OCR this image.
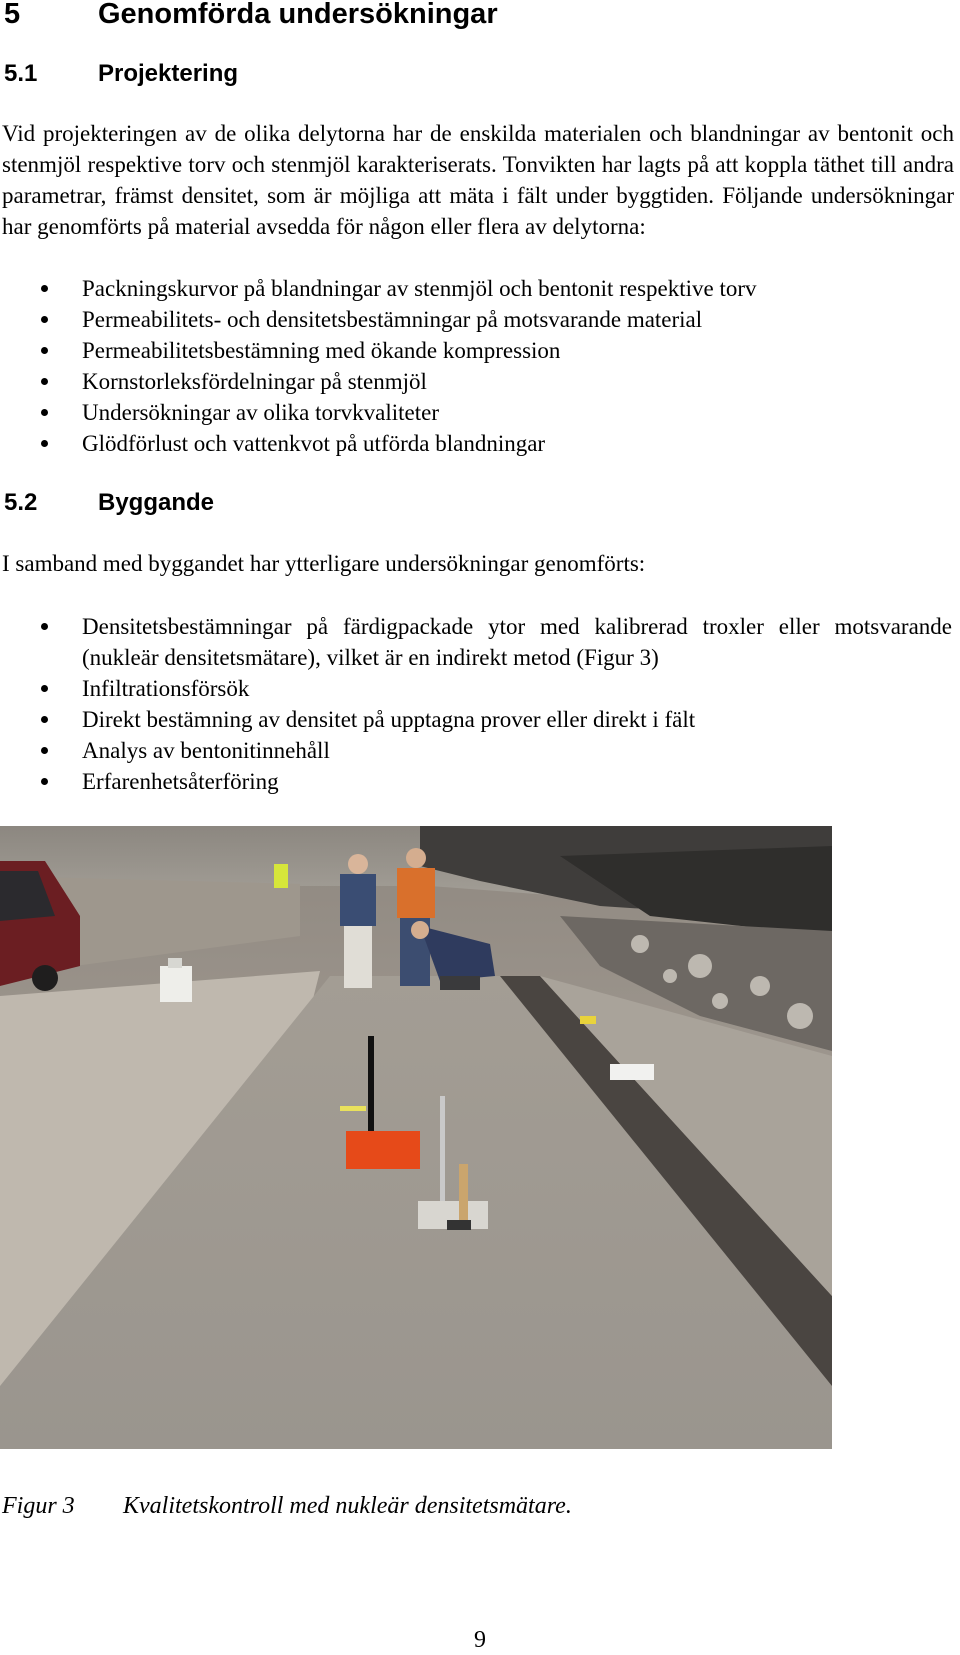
5	Genomförda undersökningar
5.1	Projektering

Vid projekteringen av de olika delytorna har de enskilda materialen och blandningar av bentonit och stenmjöl respektive torv och stenmjöl karakteriserats. Tonvikten har lagts på att koppla täthet till andra parametrar, främst densitet, som är möjliga att mäta i fält under byggtiden. Följande undersökningar har genomförts på material avsedda för någon eller flera av delytorna:

Packningskurvor på blandningar av stenmjöl och bentonit respektive torv
Permeabilitets- och densitetsbestämningar på motsvarande material
Permeabilitetsbestämning med ökande kompression
Kornstorleksfördelningar på stenmjöl
Undersökningar av olika torvkvaliteter
Glödförlust och vattenkvot på utförda blandningar
5.2	Byggande

I samband med byggandet har ytterligare undersökningar genomförts:

Densitetsbestämningar på färdigpackade ytor med kalibrerad troxler eller motsvarande (nukleär densitetsmätare), vilket är en indirekt metod (Figur 3)
Infiltrationsförsök
Direkt bestämning av densitet på upptagna prover eller direkt i fält
Analys av bentonitinnehåll
Erfarenhetsåterföring

Figur 3 Kvalitetskontroll med nukleär densitetsmätare.

9
